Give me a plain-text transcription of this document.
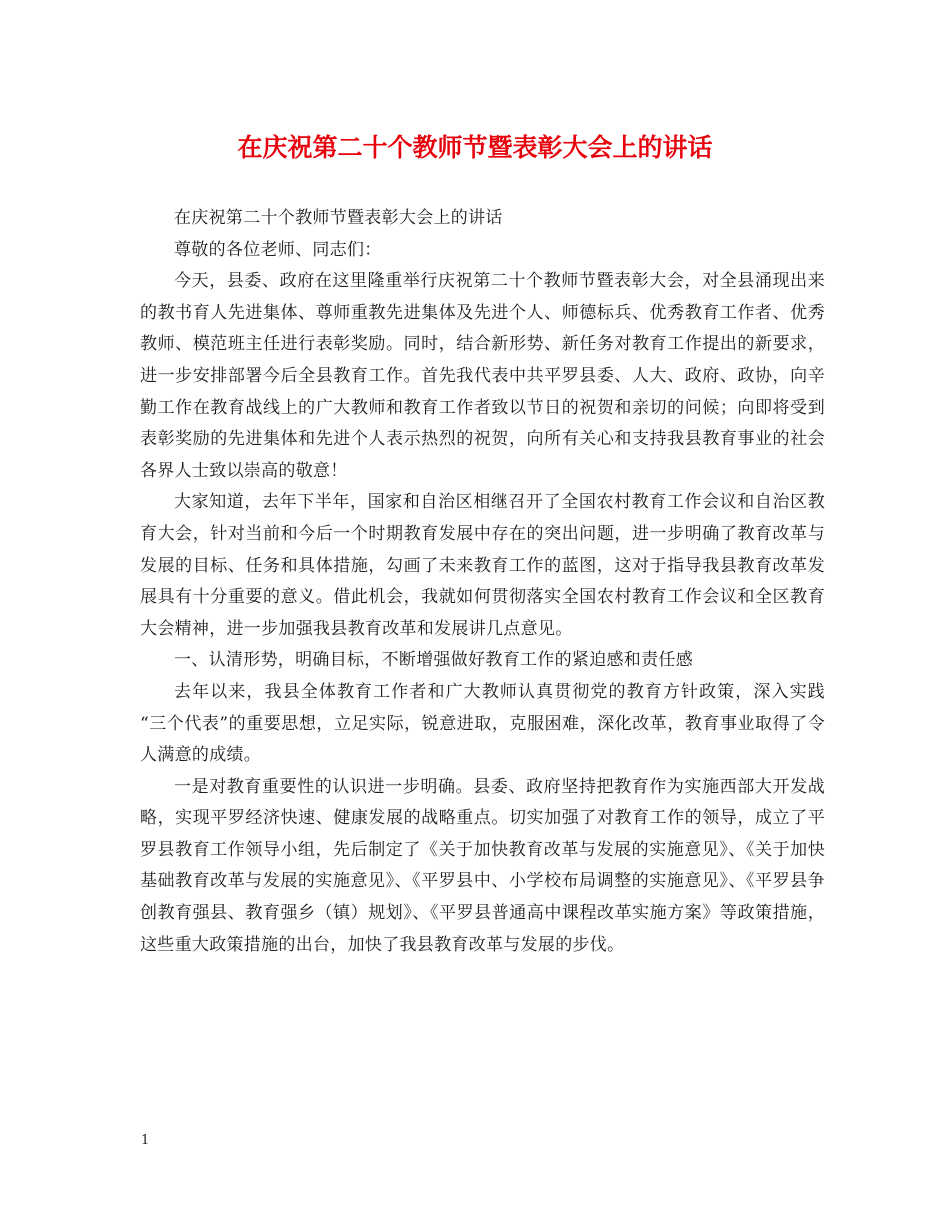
在庆祝第二十个教师节暨表彰大会上的讲话

在庆祝第二十个教师节暨表彰大会上的讲话

尊敬的各位老师、同志们：

今天，县委、政府在这里隆重举行庆祝第二十个教师节暨表彰大会，对全县涌现出来的教书育人先进集体、尊师重教先进集体及先进个人、师德标兵、优秀教育工作者、优秀教师、模范班主任进行表彰奖励。同时，结合新形势、新任务对教育工作提出的新要求，进一步安排部署今后全县教育工作。首先我代表中共平罗县委、人大、政府、政协，向辛勤工作在教育战线上的广大教师和教育工作者致以节日的祝贺和亲切的问候；向即将受到表彰奖励的先进集体和先进个人表示热烈的祝贺，向所有关心和支持我县教育事业的社会各界人士致以崇高的敬意！

大家知道，去年下半年，国家和自治区相继召开了全国农村教育工作会议和自治区教育大会，针对当前和今后一个时期教育发展中存在的突出问题，进一步明确了教育改革与发展的目标、任务和具体措施，勾画了未来教育工作的蓝图，这对于指导我县教育改革发展具有十分重要的意义。借此机会，我就如何贯彻落实全国农村教育工作会议和全区教育大会精神，进一步加强我县教育改革和发展讲几点意见。

一、认清形势，明确目标，不断增强做好教育工作的紧迫感和责任感

去年以来，我县全体教育工作者和广大教师认真贯彻党的教育方针政策，深入实践 “三个代表”的重要思想，立足实际，锐意进取，克服困难，深化改革，教育事业取得了令人满意的成绩。

一是对教育重要性的认识进一步明确。县委、政府坚持把教育作为实施西部大开发战略，实现平罗经济快速、健康发展的战略重点。切实加强了对教育工作的领导，成立了平罗县教育工作领导小组，先后制定了《关于加快教育改革与发展的实施意见》、《关于加快基础教育改革与发展的实施意见》、《平罗县中、小学校布局调整的实施意见》、《平罗县争创教育强县、教育强乡（镇）规划》、《平罗县普通高中课程改革实施方案》等政策措施，这些重大政策措施的出台，加快了我县教育改革与发展的步伐。

1
